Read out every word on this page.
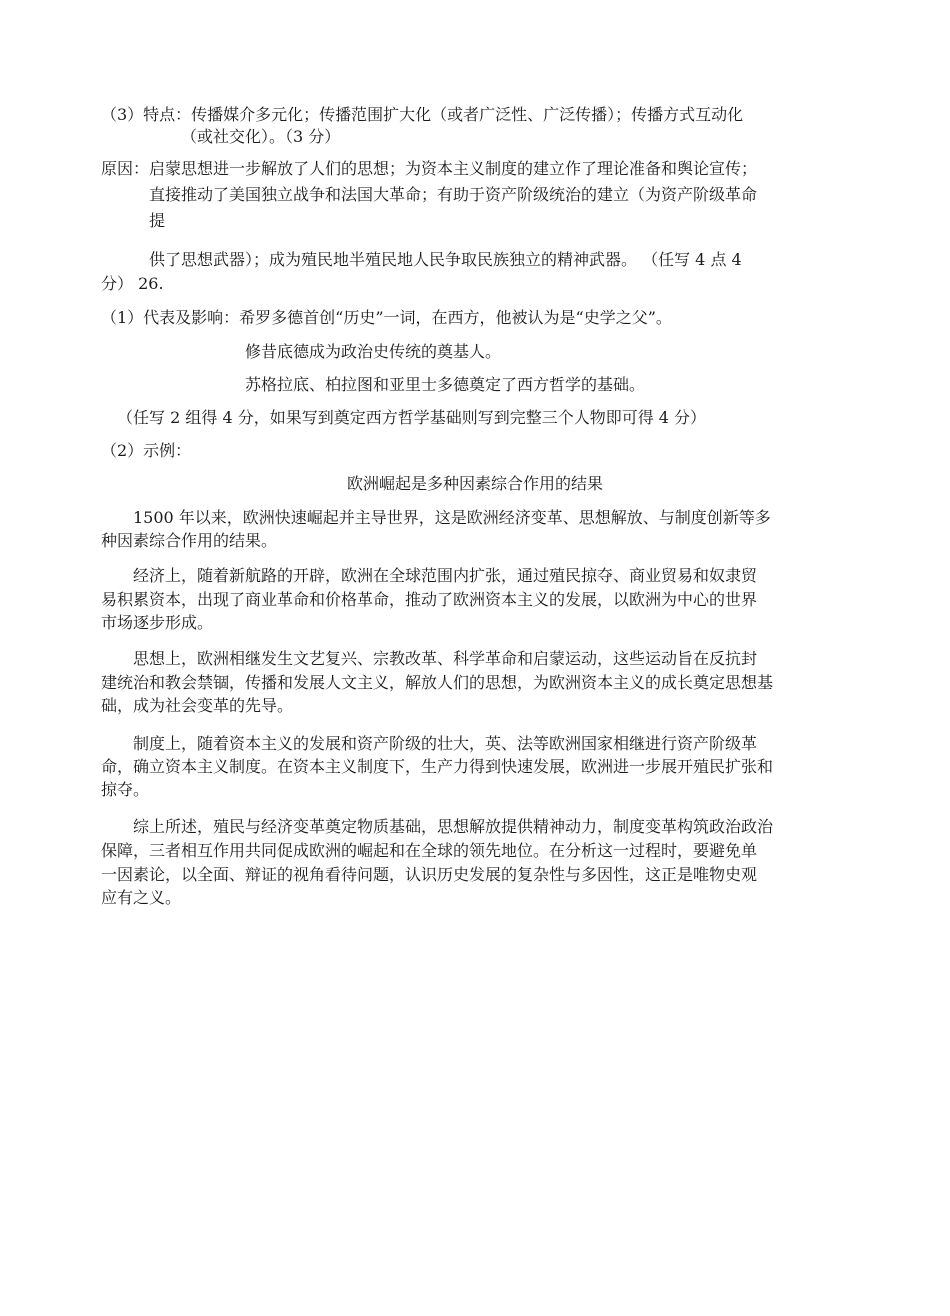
（3）特点：传播媒介多元化；传播范围扩大化（或者广泛性、广泛传播）；传播方式互动化
（或社交化）。（3 分）
原因：启蒙思想进一步解放了人们的思想；为资本主义制度的建立作了理论准备和舆论宣传；
直接推动了美国独立战争和法国大革命；有助于资产阶级统治的建立（为资产阶级革命
提
供了思想武器）；成为殖民地半殖民地人民争取民族独立的精神武器。 （任写 4 点 4
分） 26.
（1）代表及影响：希罗多德首创“历史”一词，在西方，他被认为是“史学之父”。
修昔底德成为政治史传统的奠基人。
苏格拉底、柏拉图和亚里士多德奠定了西方哲学的基础。
（任写 2 组得 4 分，如果写到奠定西方哲学基础则写到完整三个人物即可得 4 分）
（2）示例：
欧洲崛起是多种因素综合作用的结果
1500 年以来，欧洲快速崛起并主导世界，这是欧洲经济变革、思想解放、与制度创新等多
种因素综合作用的结果。
经济上，随着新航路的开辟，欧洲在全球范围内扩张，通过殖民掠夺、商业贸易和奴隶贸
易积累资本，出现了商业革命和价格革命，推动了欧洲资本主义的发展，以欧洲为中心的世界
市场逐步形成。
思想上，欧洲相继发生文艺复兴、宗教改革、科学革命和启蒙运动，这些运动旨在反抗封
建统治和教会禁锢，传播和发展人文主义，解放人们的思想，为欧洲资本主义的成长奠定思想基
础，成为社会变革的先导。
制度上，随着资本主义的发展和资产阶级的壮大，英、法等欧洲国家相继进行资产阶级革
命，确立资本主义制度。在资本主义制度下，生产力得到快速发展，欧洲进一步展开殖民扩张和
掠夺。
综上所述，殖民与经济变革奠定物质基础，思想解放提供精神动力，制度变革构筑政治政治
保障，三者相互作用共同促成欧洲的崛起和在全球的领先地位。在分析这一过程时，要避免单
一因素论，以全面、辩证的视角看待问题，认识历史发展的复杂性与多因性，这正是唯物史观
应有之义。
